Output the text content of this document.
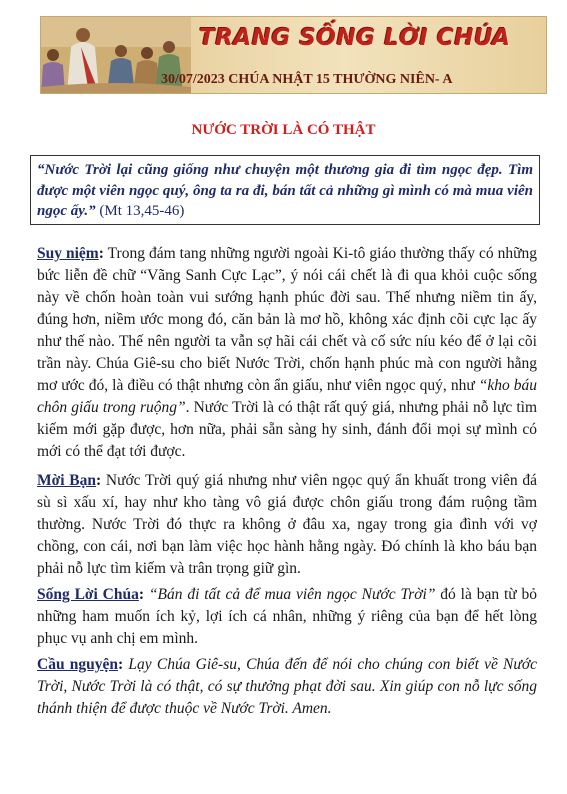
TRANG SỐNG LỜI CHÚA
30/07/2023 CHÚA NHẬT 15 THƯỜNG NIÊN- A
NƯỚC TRỜI LÀ CÓ THẬT
“Nước Trời lại cũng giống như chuyện một thương gia đi tìm ngọc đẹp. Tìm được một viên ngọc quý, ông ta ra đi, bán tất cả những gì mình có mà mua viên ngọc ấy.” (Mt 13,45-46)
Suy niệm: Trong đám tang những người ngoài Ki-tô giáo thường thấy có những bức liễn đề chữ “Vãng Sanh Cực Lạc”, ý nói cái chết là đi qua khỏi cuộc sống này về chốn hoàn toàn vui sướng hạnh phúc đời sau. Thế nhưng niềm tin ấy, đúng hơn, niềm ước mong đó, căn bản là mơ hồ, không xác định cõi cực lạc ấy như thế nào. Thế nên người ta vẫn sợ hãi cái chết và cố sức níu kéo để ở lại cõi trần này. Chúa Giê-su cho biết Nước Trời, chốn hạnh phúc mà con người hằng mơ ước đó, là điều có thật nhưng còn ẩn giấu, như viên ngọc quý, như “kho báu chôn giấu trong ruộng”. Nước Trời là có thật rất quý giá, nhưng phải nỗ lực tìm kiếm mới gặp được, hơn nữa, phải sẵn sàng hy sinh, đánh đổi mọi sự mình có mới có thể đạt tới được.
Mời Bạn: Nước Trời quý giá nhưng như viên ngọc quý ẩn khuất trong viên đá sù sì xấu xí, hay như kho tàng vô giá được chôn giấu trong đám ruộng tầm thường. Nước Trời đó thực ra không ở đâu xa, ngay trong gia đình với vợ chồng, con cái, nơi bạn làm việc học hành hằng ngày. Đó chính là kho báu bạn phải nỗ lực tìm kiếm và trân trọng giữ gìn.
Sống Lời Chúa: “Bán đi tất cả để mua viên ngọc Nước Trời” đó là bạn từ bỏ những ham muốn ích kỷ, lợi ích cá nhân, những ý riêng của bạn để hết lòng phục vụ anh chị em mình.
Cầu nguyện: Lạy Chúa Giê-su, Chúa đến để nói cho chúng con biết về Nước Trời, Nước Trời là có thật, có sự thưởng phạt đời sau. Xin giúp con nỗ lực sống thánh thiện để được thuộc về Nước Trời. Amen.
